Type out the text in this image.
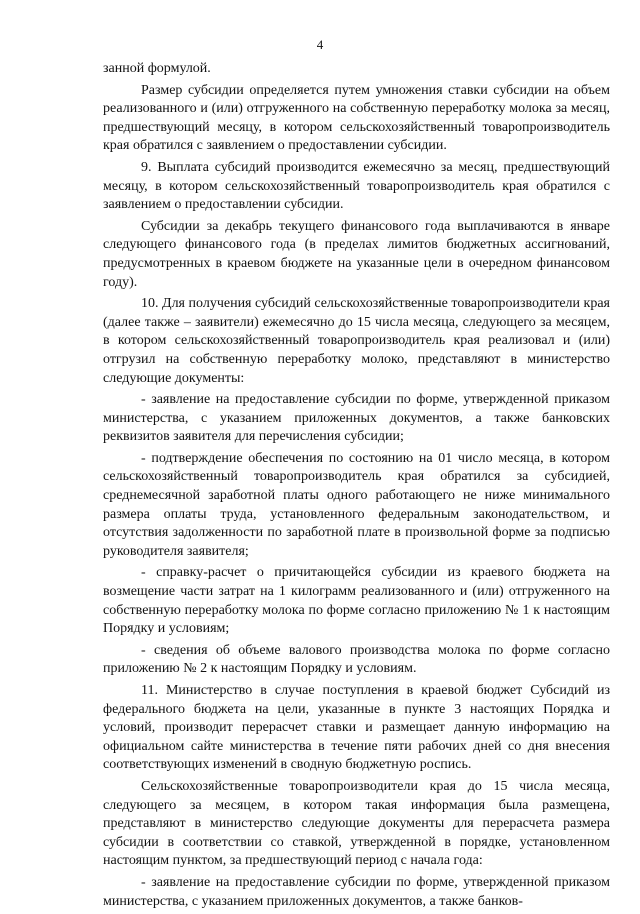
4

занной формулой.

Размер субсидии определяется путем умножения ставки субсидии на объем реализованного и (или) отгруженного на собственную переработку молока за месяц, предшествующий месяцу, в котором сельскохозяйственный товаропроизводитель края обратился с заявлением о предоставлении субсидии.

9. Выплата субсидий производится ежемесячно за месяц, предшествующий месяцу, в котором сельскохозяйственный товаропроизводитель края обратился с заявлением о предоставлении субсидии.

Субсидии за декабрь текущего финансового года выплачиваются в январе следующего финансового года (в пределах лимитов бюджетных ассигнований, предусмотренных в краевом бюджете на указанные цели в очередном финансовом году).

10. Для получения субсидий сельскохозяйственные товаропроизводители края (далее также – заявители) ежемесячно до 15 числа месяца, следующего за месяцем, в котором сельскохозяйственный товаропроизводитель края реализовал и (или) отгрузил на собственную переработку молоко, представляют в министерство следующие документы:

- заявление на предоставление субсидии по форме, утвержденной приказом министерства, с указанием приложенных документов, а также банковских реквизитов заявителя для перечисления субсидии;

- подтверждение обеспечения по состоянию на 01 число месяца, в котором сельскохозяйственный товаропроизводитель края обратился за субсидией, среднемесячной заработной платы одного работающего не ниже минимального размера оплаты труда, установленного федеральным законодательством, и отсутствия задолженности по заработной плате в произвольной форме за подписью руководителя заявителя;

- справку-расчет о причитающейся субсидии из краевого бюджета на возмещение части затрат на 1 килограмм реализованного и (или) отгруженного на собственную переработку молока по форме согласно приложению № 1 к настоящим Порядку и условиям;

- сведения об объеме валового производства молока по форме согласно приложению № 2 к настоящим Порядку и условиям.

11. Министерство в случае поступления в краевой бюджет Субсидий из федерального бюджета на цели, указанные в пункте 3 настоящих Порядка и условий, производит перерасчет ставки и размещает данную информацию на официальном сайте министерства в течение пяти рабочих дней со дня внесения соответствующих изменений в сводную бюджетную роспись.

Сельскохозяйственные товаропроизводители края до 15 числа месяца, следующего за месяцем, в котором такая информация была размещена, представляют в министерство следующие документы для перерасчета размера субсидии в соответствии со ставкой, утвержденной в порядке, установленном настоящим пунктом, за предшествующий период с начала года:

- заявление на предоставление субсидии по форме, утвержденной приказом министерства, с указанием приложенных документов, а также банков-
